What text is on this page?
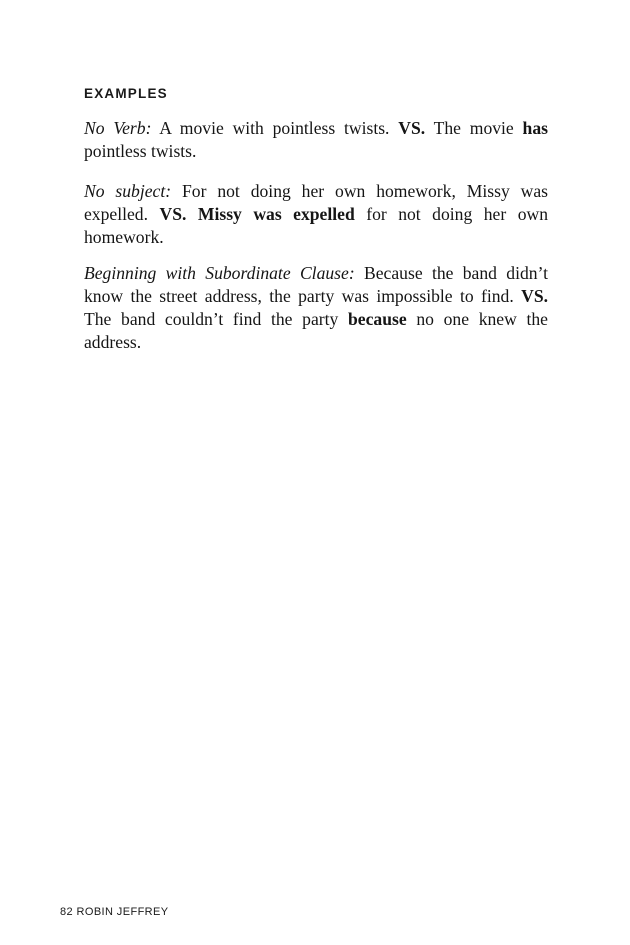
EXAMPLES

No Verb: A movie with pointless twists. VS. The movie has pointless twists.

No subject: For not doing her own homework, Missy was expelled. VS. Missy was expelled for not doing her own homework.

Beginning with Subordinate Clause: Because the band didn’t know the street address, the party was impossible to find. VS. The band couldn’t find the party because no one knew the address.

82 ROBIN JEFFREY
